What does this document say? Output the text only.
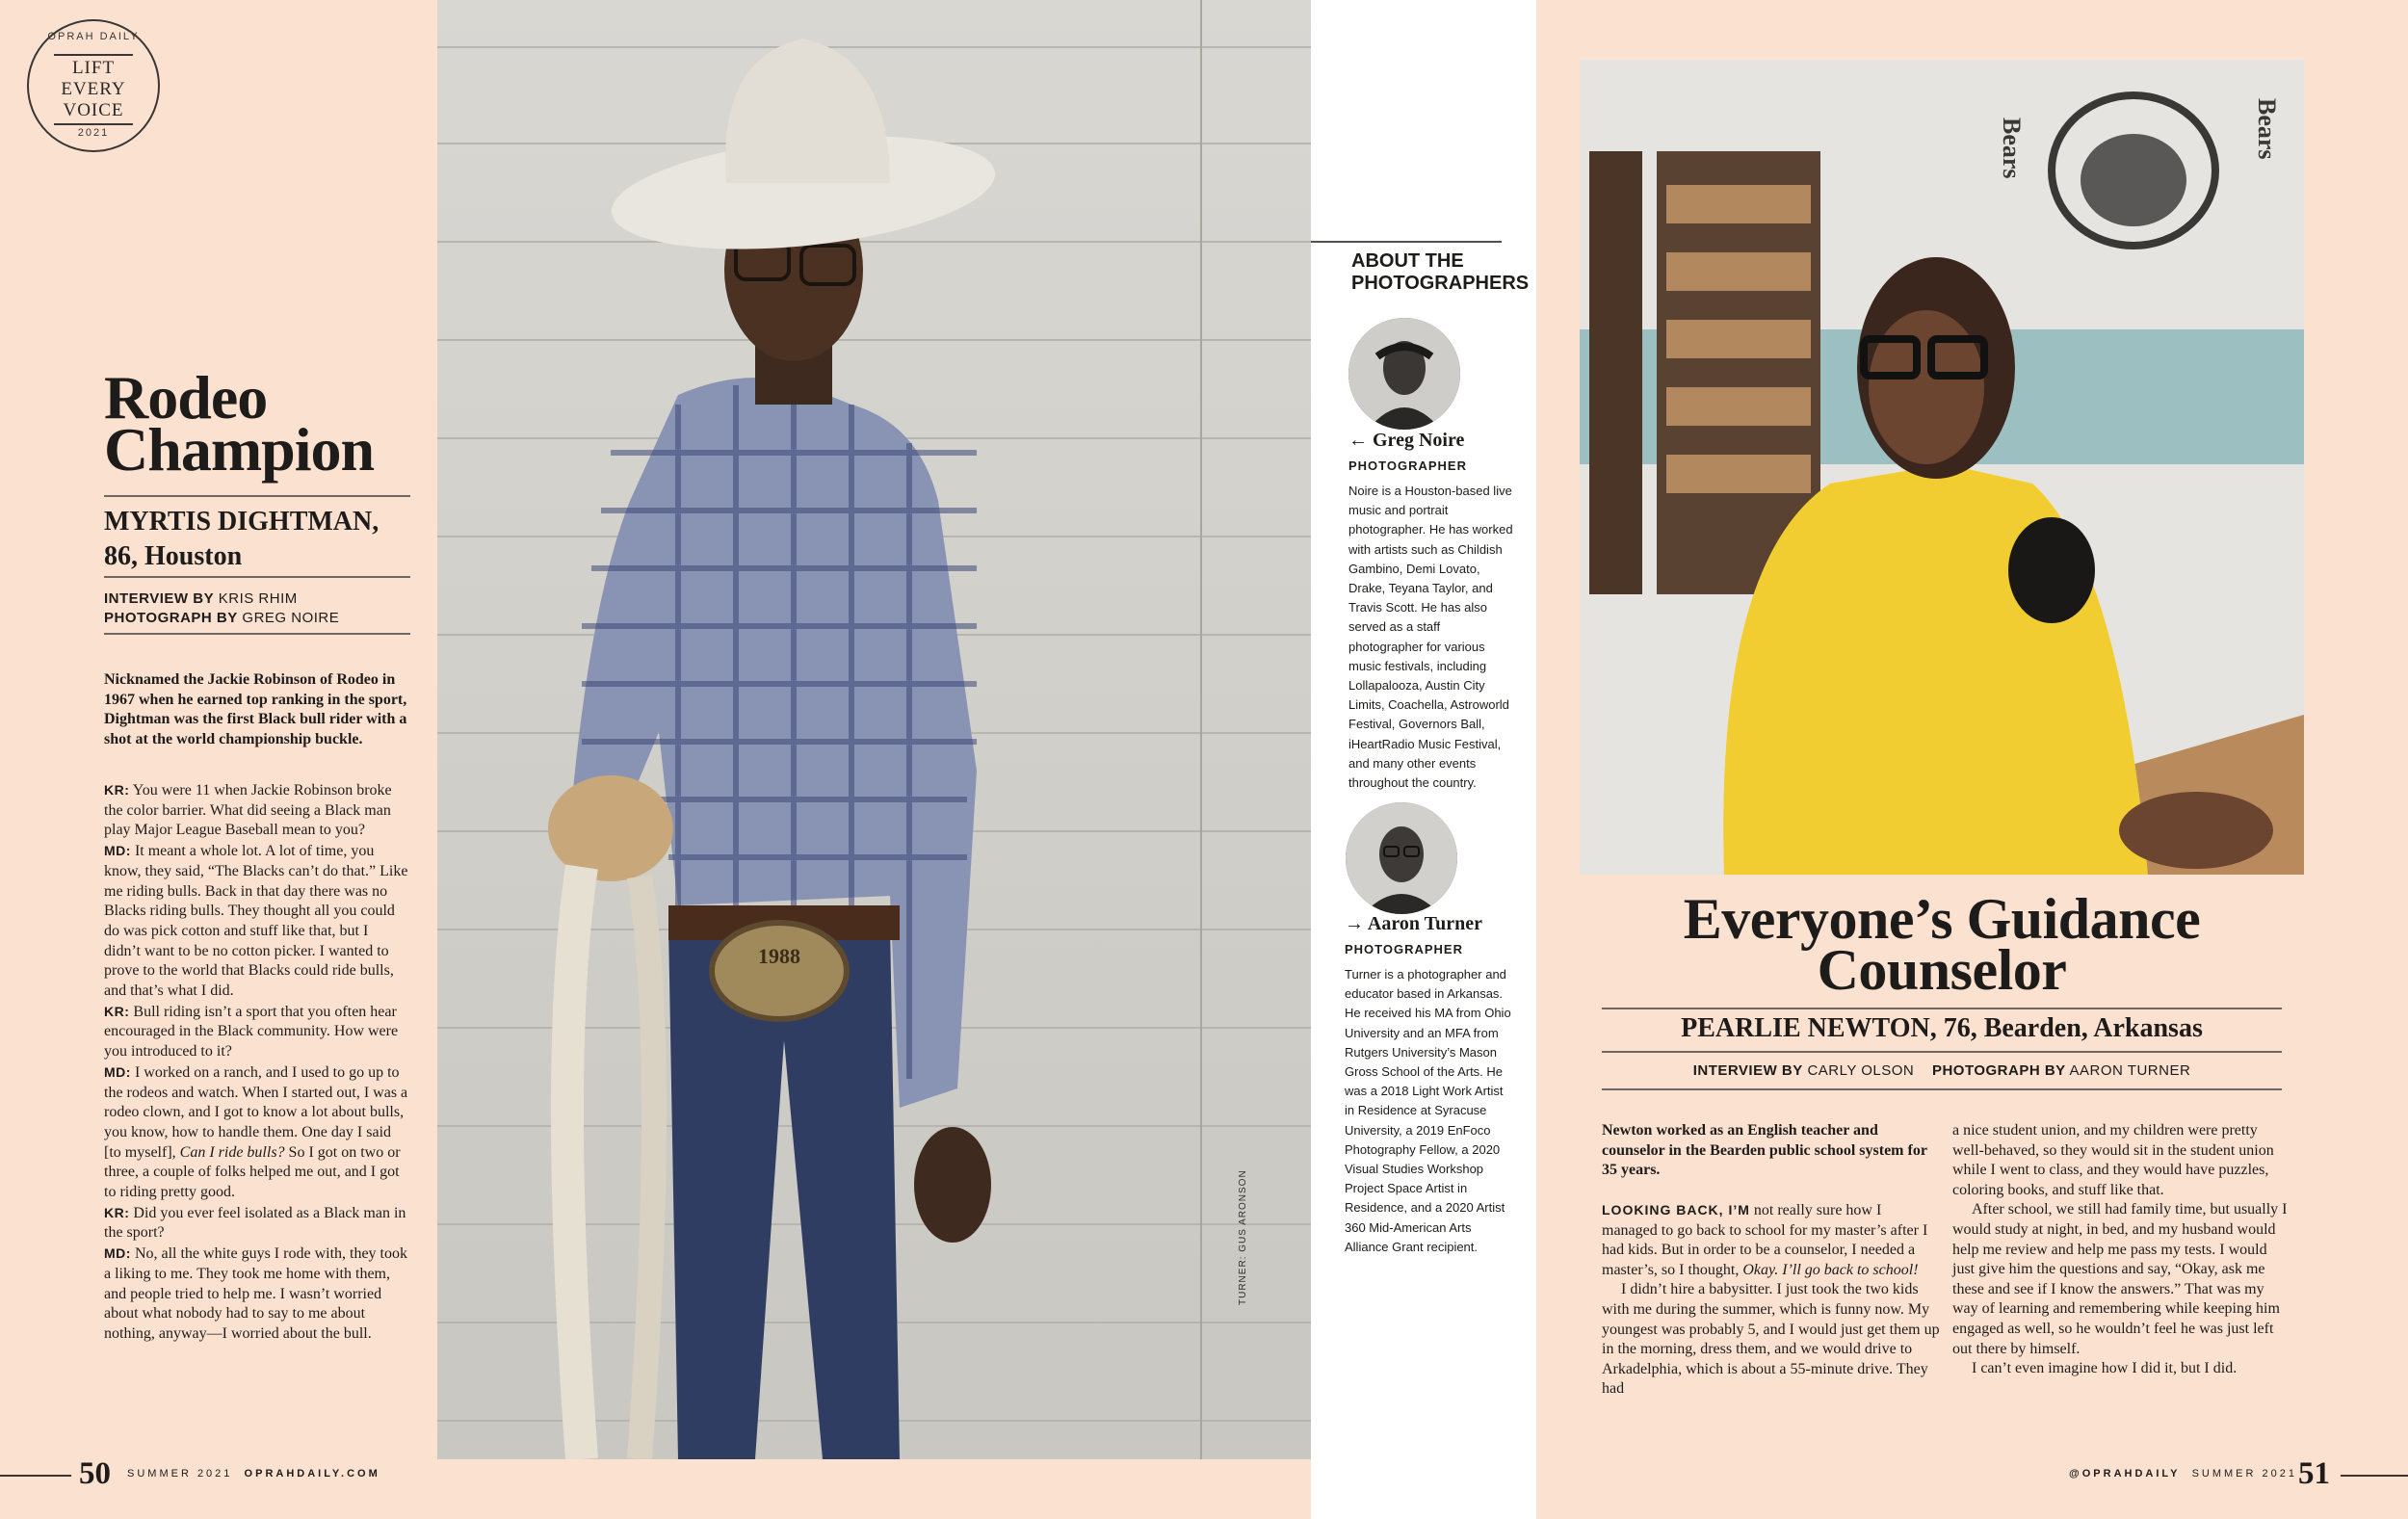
OPRAH DAILY
LIFT
EVERY
VOICE
2021
Rodeo
Champion
MYRTIS DIGHTMAN,
86, Houston
INTERVIEW BY KRIS RHIM
PHOTOGRAPH BY GREG NOIRE
Nicknamed the Jackie Robinson of Rodeo in 1967 when he earned top ranking in the sport, Dightman was the first Black bull rider with a shot at the world championship buckle.

KR: You were 11 when Jackie Robinson broke the color barrier. What did seeing a Black man play Major League Baseball mean to you?

MD: It meant a whole lot. A lot of time, you know, they said, “The Blacks can’t do that.” Like me riding bulls. Back in that day there was no Blacks riding bulls. They thought all you could do was pick cotton and stuff like that, but I didn’t want to be no cotton picker. I wanted to prove to the world that Blacks could ride bulls, and that’s what I did.

KR: Bull riding isn’t a sport that you often hear encouraged in the Black community. How were you introduced to it?

MD: I worked on a ranch, and I used to go up to the rodeos and watch. When I started out, I was a rodeo clown, and I got to know a lot about bulls, you know, how to handle them. One day I said [to myself], Can I ride bulls? So I got on two or three, a couple of folks helped me out, and I got to riding pretty good.

KR: Did you ever feel isolated as a Black man in the sport?

MD: No, all the white guys I rode with, they took a liking to me. They took me home with them, and people tried to help me. I wasn’t worried about what nobody had to say to me about nothing, anyway—I worried about the bull.

50 SUMMER 2021 OPRAHDAILY.COM
1988
TURNER: GUS ARONSON
ABOUT THE
PHOTOGRAPHERS
← Greg Noire
PHOTOGRAPHER
Noire is a Houston-based live music and portrait photographer. He has worked with artists such as Childish Gambino, Demi Lovato, Drake, Teyana Taylor, and Travis Scott. He has also served as a staff photographer for various music festivals, including Lollapalooza, Austin City Limits, Coachella, Astroworld Festival, Governors Ball, iHeartRadio Music Festival, and many other events throughout the country.
→ Aaron Turner
PHOTOGRAPHER
Turner is a photographer and educator based in Arkansas. He received his MA from Ohio University and an MFA from Rutgers University’s Mason Gross School of the Arts. He was a 2018 Light Work Artist in Residence at Syracuse University, a 2019 EnFoco Photography Fellow, a 2020 Visual Studies Workshop Project Space Artist in Residence, and a 2020 Artist 360 Mid-American Arts Alliance Grant recipient.
Bears	Bears
Everyone’s Guidance
Counselor
PEARLIE NEWTON, 76, Bearden, Arkansas
INTERVIEW BY CARLY OLSON PHOTOGRAPH BY AARON TURNER
Newton worked as an English teacher and counselor in the Bearden public school system for 35 years.

LOOKING BACK, I’M not really sure how I managed to go back to school for my master’s after I had kids. But in order to be a counselor, I needed a master’s, so I thought, Okay. I’ll go back to school!

I didn’t hire a babysitter. I just took the two kids with me during the summer, which is funny now. My youngest was probably 5, and I would just get them up in the morning, dress them, and we would drive to Arkadelphia, which is about a 55-minute drive. They had

a nice student union, and my children were pretty well-behaved, so they would sit in the student union while I went to class, and they would have puzzles, coloring books, and stuff like that.

After school, we still had family time, but usually I would study at night, in bed, and my husband would help me review and help me pass my tests. I would just give him the questions and say, “Okay, ask me these and see if I know the answers.” That was my way of learning and remembering while keeping him engaged as well, so he wouldn’t feel he was just left out there by himself.

I can’t even imagine how I did it, but I did.

@OPRAHDAILY SUMMER 2021 51
